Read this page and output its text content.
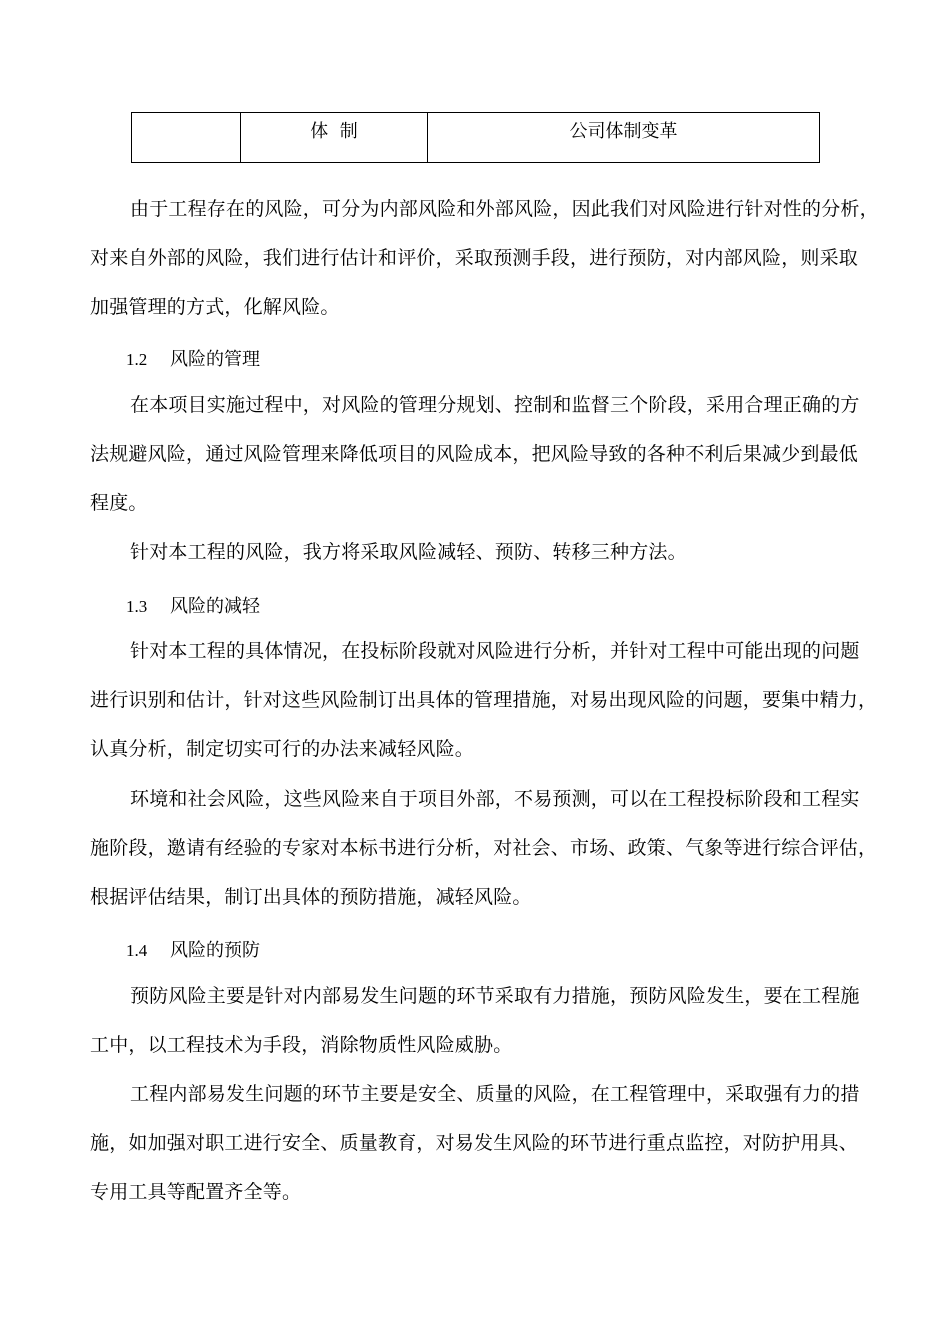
体  制	公司体制变革
由于工程存在的风险，可分为内部风险和外部风险，因此我们对风险进行针对性的分析，
对来自外部的风险，我们进行估计和评价，采取预测手段，进行预防，对内部风险，则采取
加强管理的方式，化解风险。
1.2 风险的管理
在本项目实施过程中，对风险的管理分规划、控制和监督三个阶段，采用合理正确的方
法规避风险，通过风险管理来降低项目的风险成本，把风险导致的各种不利后果减少到最低
程度。
针对本工程的风险，我方将采取风险减轻、预防、转移三种方法。
1.3 风险的减轻
针对本工程的具体情况，在投标阶段就对风险进行分析，并针对工程中可能出现的问题
进行识别和估计，针对这些风险制订出具体的管理措施，对易出现风险的问题，要集中精力，
认真分析，制定切实可行的办法来减轻风险。
环境和社会风险，这些风险来自于项目外部，不易预测，可以在工程投标阶段和工程实
施阶段，邀请有经验的专家对本标书进行分析，对社会、市场、政策、气象等进行综合评估，
根据评估结果，制订出具体的预防措施，减轻风险。
1.4 风险的预防
预防风险主要是针对内部易发生问题的环节采取有力措施，预防风险发生，要在工程施
工中，以工程技术为手段，消除物质性风险威胁。
工程内部易发生问题的环节主要是安全、质量的风险，在工程管理中，采取强有力的措
施，如加强对职工进行安全、质量教育，对易发生风险的环节进行重点监控，对防护用具、
专用工具等配置齐全等。
